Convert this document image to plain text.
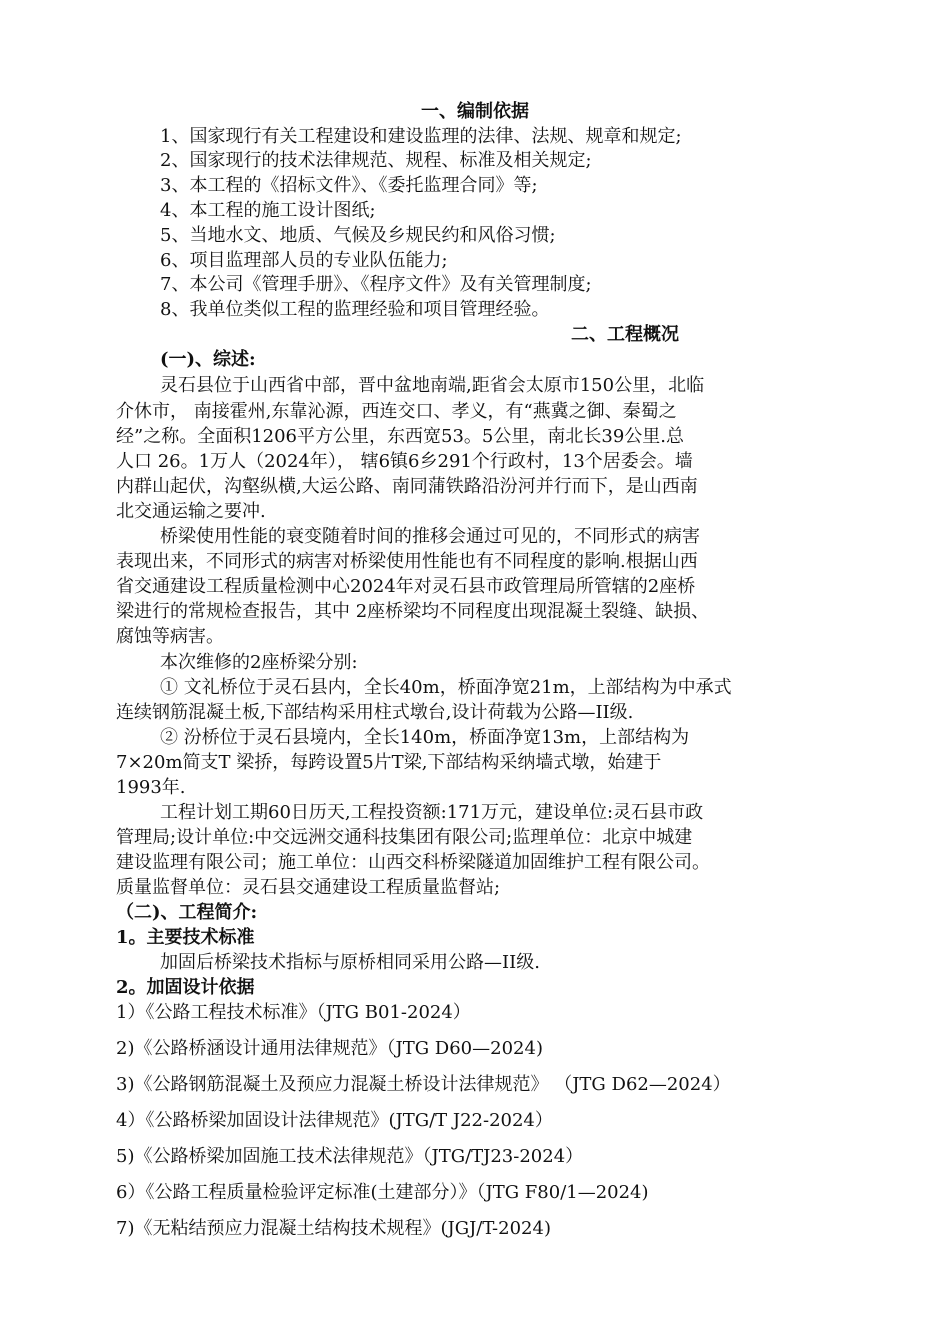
一、编制依据
1、国家现行有关工程建设和建设监理的法律、法规、规章和规定;
2、国家现行的技术法律规范、规程、标准及相关规定;
3、本工程的《招标文件》、《委托监理合同》等;
4、本工程的施工设计图纸;
5、当地水文、地质、气候及乡规民约和风俗习惯;
6、项目监理部人员的专业队伍能力;
7、本公司《管理手册》、《程序文件》及有关管理制度;
8、我单位类似工程的监理经验和项目管理经验。
二、工程概况
(一)、综述:
灵石县位于山西省中部，晋中盆地南端,距省会太原市150公里，北临
介休市， 南接霍州,东靠沁源，西连交口、孝义，有“燕冀之御、秦蜀之
经”之称。全面积1206平方公里，东西宽53。5公里，南北长39公里.总
人口 26。1万人（2024年）， 辖6镇6乡291个行政村，13个居委会。墙
内群山起伏，沟壑纵横,大运公路、南同蒲铁路沿汾河并行而下，是山西南
北交通运输之要冲.
桥梁使用性能的衰变随着时间的推移会通过可见的，不同形式的病害
表现出来，不同形式的病害对桥梁使用性能也有不同程度的影响.根据山西
省交通建设工程质量检测中心2024年对灵石县市政管理局所管辖的2座桥
梁进行的常规检查报告，其中 2座桥梁均不同程度出现混凝土裂缝、缺损、
腐蚀等病害。
本次维修的2座桥梁分别:
① 文礼桥位于灵石县内，全长40m，桥面净宽21m，上部结构为中承式
连续钢筋混凝土板,下部结构采用柱式墩台,设计荷载为公路—II级.
② 汾桥位于灵石县境内，全长140m，桥面净宽13m，上部结构为
7×20m简支T 梁挢，每跨设置5片T梁,下部结构采纳墙式墩，始建于
1993年.
工程计划工期60日历天,工程投资额:171万元，建设单位:灵石县市政
管理局;设计单位:中交远洲交通科技集团有限公司;监理单位：北京中城建
建设监理有限公司；施工单位：山西交科桥梁隧道加固维护工程有限公司。
质量监督单位：灵石县交通建设工程质量监督站;
（二)、工程简介:
1。主要技术标准
加固后桥梁技术指标与原桥相同采用公路—II级.
2。加固设计依据
1）《公路工程技术标准》（JTG B01-2024）
2)《公路桥涵设计通用法律规范》（JTG D60—2024)
3)《公路钢筋混凝土及预应力混凝土桥设计法律规范》 （JTG D62—2024）
4）《公路桥梁加固设计法律规范》(JTG/T J22-2024）
5)《公路桥梁加固施工技术法律规范》（JTG/TJ23-2024）
6）《公路工程质量检验评定标准(土建部分）》（JTG F80/1—2024)
7)《无粘结预应力混凝土结构技术规程》(JGJ/T-2024)
